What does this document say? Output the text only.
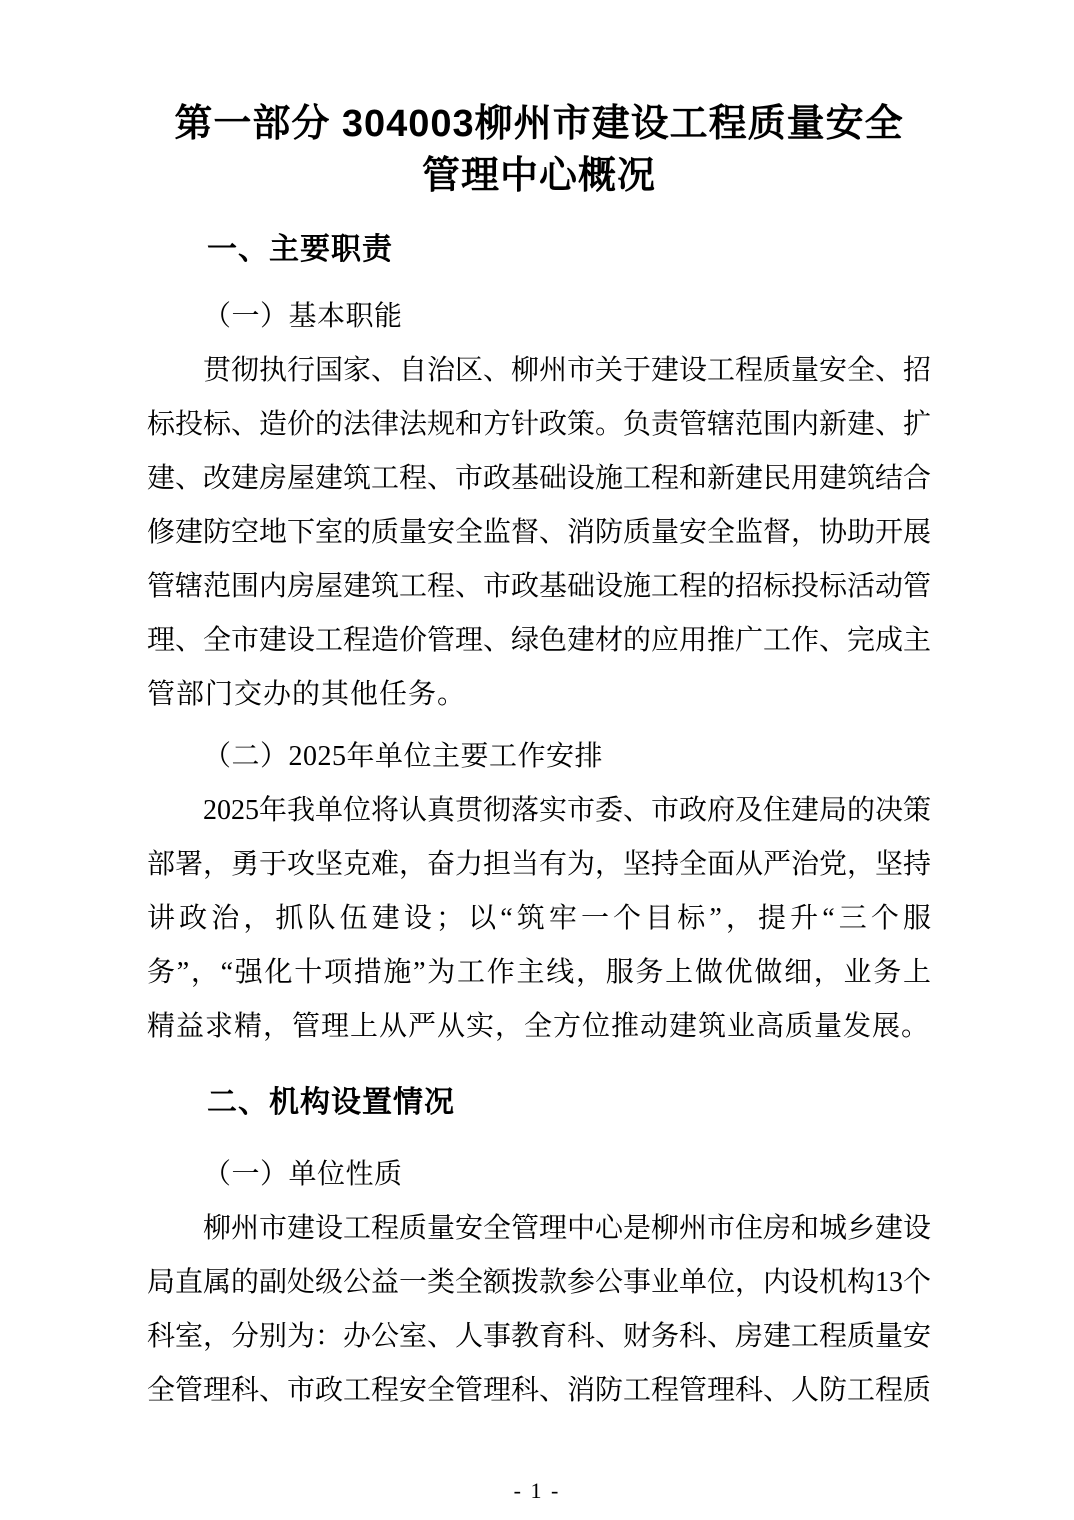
第一部分 304003柳州市建设工程质量安全
管理中心概况
一、主要职责
（一）基本职能
贯彻执行国家、自治区、柳州市关于建设工程质量安全、招
标投标、造价的法律法规和方针政策。负责管辖范围内新建、扩
建、改建房屋建筑工程、市政基础设施工程和新建民用建筑结合
修建防空地下室的质量安全监督、消防质量安全监督，协助开展
管辖范围内房屋建筑工程、市政基础设施工程的招标投标活动管
理、全市建设工程造价管理、绿色建材的应用推广工作、完成主
管部门交办的其他任务。
（二）2025年单位主要工作安排
2025年我单位将认真贯彻落实市委、市政府及住建局的决策
部署，勇于攻坚克难，奋力担当有为，坚持全面从严治党，坚持
讲政治，抓队伍建设；以“筑牢一个目标”，提升“三个服
务”，“强化十项措施”为工作主线，服务上做优做细，业务上
精益求精，管理上从严从实，全方位推动建筑业高质量发展。
二、机构设置情况
（一）单位性质
柳州市建设工程质量安全管理中心是柳州市住房和城乡建设
局直属的副处级公益一类全额拨款参公事业单位，内设机构13个
科室，分别为：办公室、人事教育科、财务科、房建工程质量安
全管理科、市政工程安全管理科、消防工程管理科、人防工程质
- 1 -
